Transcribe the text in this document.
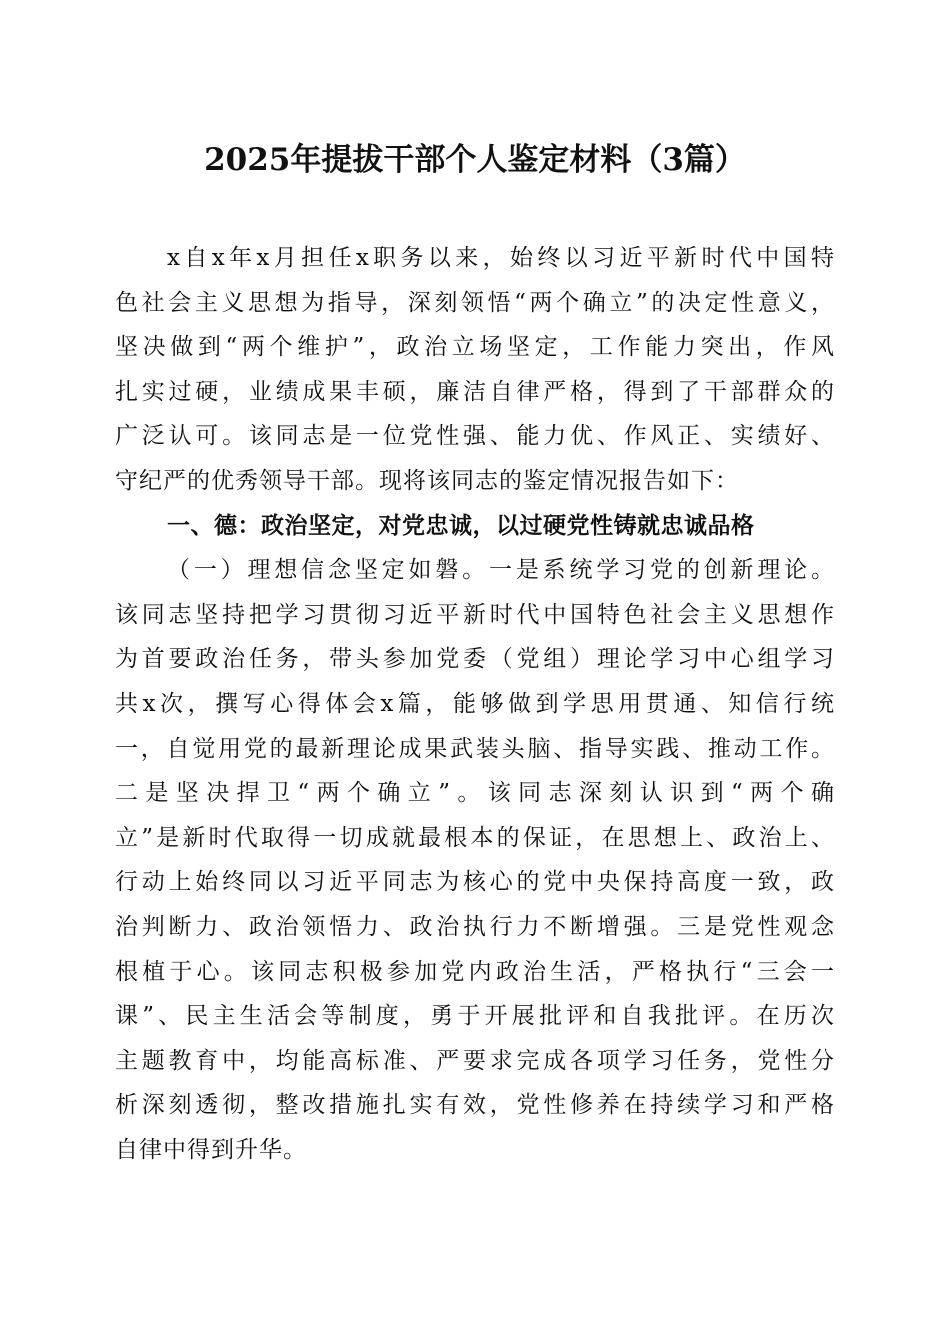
2025年提拔干部个人鉴定材料（3篇）
x自x年x月担任x职务以来，始终以习近平新时代中国特
色社会主义思想为指导，深刻领悟“两个确立”的决定性意义，
坚决做到“两个维护”，政治立场坚定，工作能力突出，作风
扎实过硬，业绩成果丰硕，廉洁自律严格，得到了干部群众的
广泛认可。该同志是一位党性强、能力优、作风正、实绩好、
守纪严的优秀领导干部。现将该同志的鉴定情况报告如下：
一、德：政治坚定，对党忠诚，以过硬党性铸就忠诚品格
（一）理想信念坚定如磐。一是系统学习党的创新理论。
该同志坚持把学习贯彻习近平新时代中国特色社会主义思想作
为首要政治任务，带头参加党委（党组）理论学习中心组学习
共x次，撰写心得体会x篇，能够做到学思用贯通、知信行统
一，自觉用党的最新理论成果武装头脑、指导实践、推动工作。
二是坚决捍卫“两个确立”。该同志深刻认识到“两个确
立”是新时代取得一切成就最根本的保证，在思想上、政治上、
行动上始终同以习近平同志为核心的党中央保持高度一致，政
治判断力、政治领悟力、政治执行力不断增强。三是党性观念
根植于心。该同志积极参加党内政治生活，严格执行“三会一
课”、民主生活会等制度，勇于开展批评和自我批评。在历次
主题教育中，均能高标准、严要求完成各项学习任务，党性分
析深刻透彻，整改措施扎实有效，党性修养在持续学习和严格
自律中得到升华。
